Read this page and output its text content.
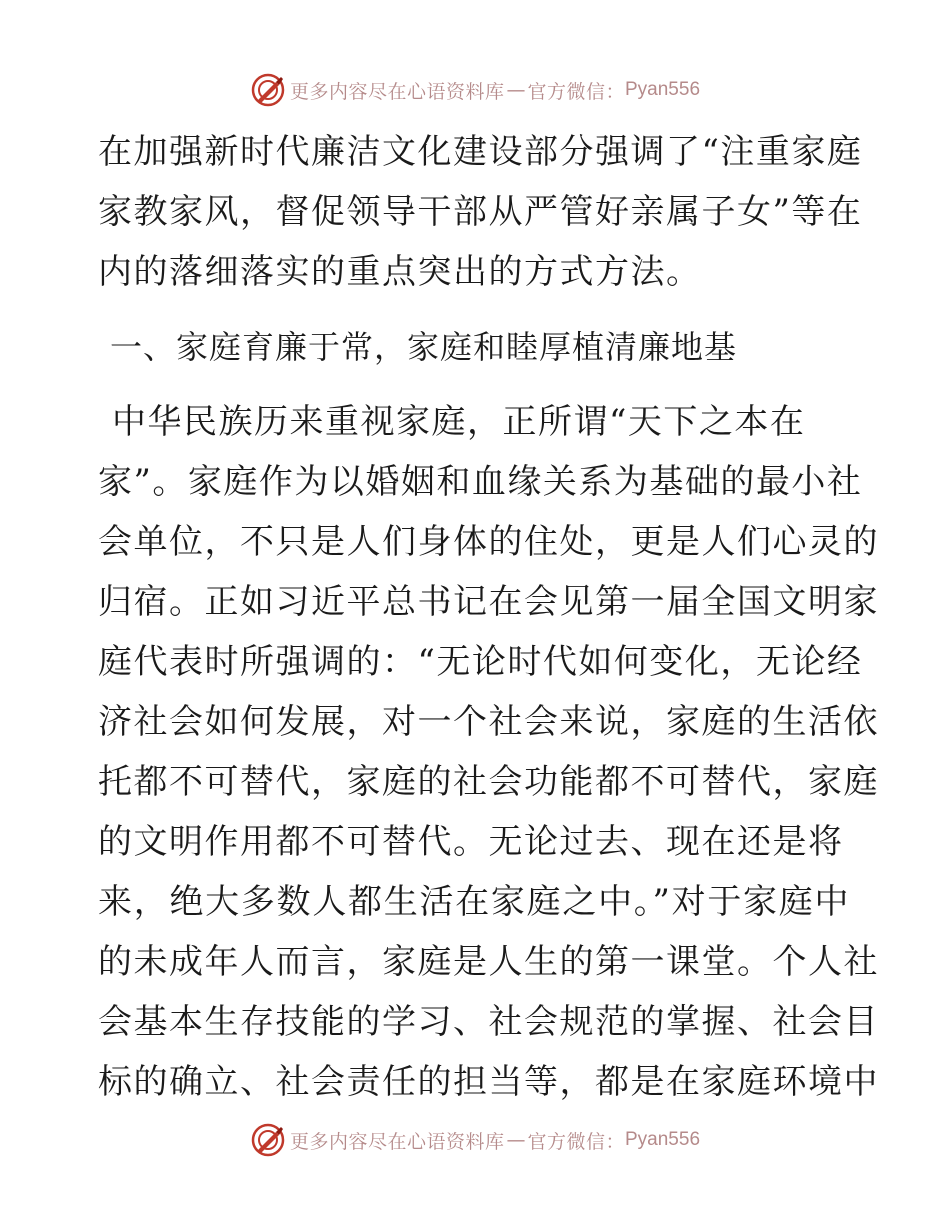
更多内容尽在心语资料库 — 官方微信： Pyan556
在加强新时代廉洁文化建设部分强调了“注重家庭
家教家风，督促领导干部从严管好亲属子女”等在
内的落细落实的重点突出的方式方法。
一、家庭育廉于常，家庭和睦厚植清廉地基
中华民族历来重视家庭，正所谓“天下之本在
家”。家庭作为以婚姻和血缘关系为基础的最小社
会单位，不只是人们身体的住处，更是人们心灵的
归宿。正如习近平总书记在会见第一届全国文明家
庭代表时所强调的：“无论时代如何变化，无论经
济社会如何发展，对一个社会来说，家庭的生活依
托都不可替代，家庭的社会功能都不可替代，家庭
的文明作用都不可替代。无论过去、现在还是将
来，绝大多数人都生活在家庭之中。”对于家庭中
的未成年人而言，家庭是人生的第一课堂。个人社
会基本生存技能的学习、社会规范的掌握、社会目
标的确立、社会责任的担当等，都是在家庭环境中
更多内容尽在心语资料库 — 官方微信： Pyan556
